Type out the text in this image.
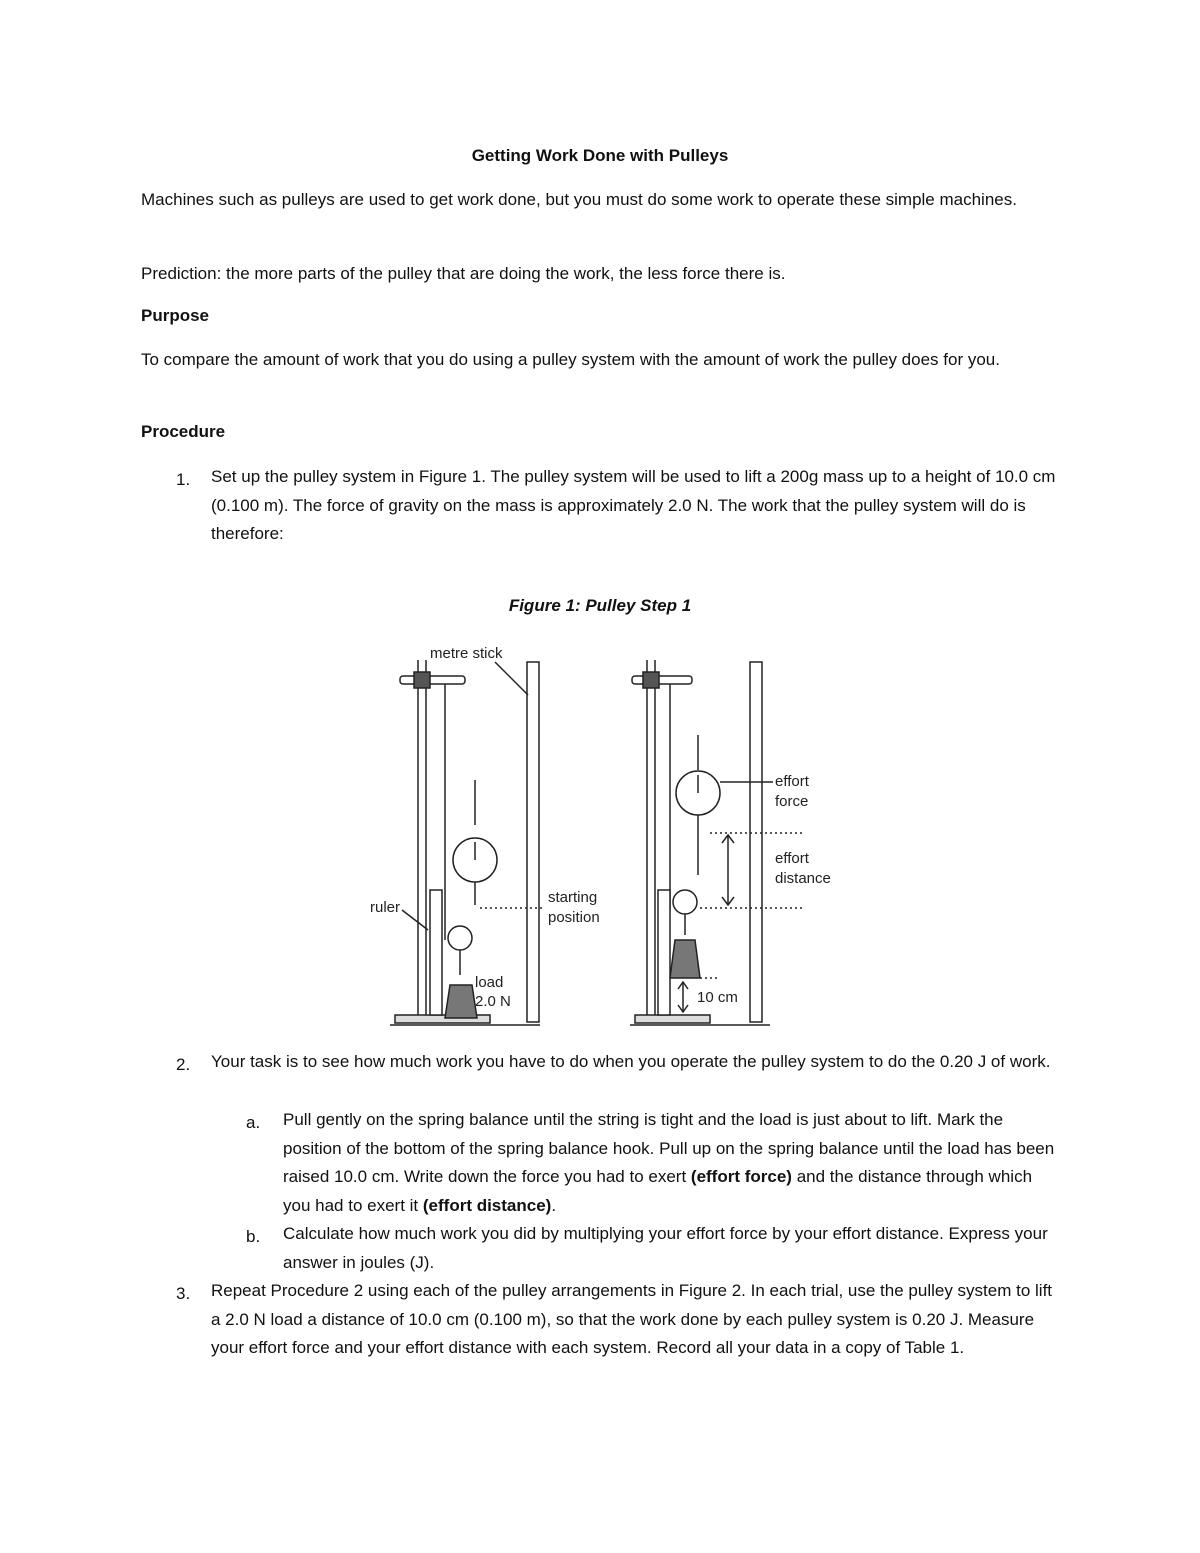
Getting Work Done with Pulleys

Machines such as pulleys are used to get work done, but you must do some work to operate these simple machines.

Prediction: the more parts of the pulley that are doing the work, the less force there is.

Purpose

To compare the amount of work that you do using a pulley system with the amount of work the pulley does for you.

Procedure
1. Set up the pulley system in Figure 1. The pulley system will be used to lift a 200g mass up to a height of 10.0 cm (0.100 m). The force of gravity on the mass is approximately 2.0 N. The work that the pulley system will do is therefore:

Figure 1: Pulley Step 1
metre stick
ruler
starting
position
load
2.0 N
effort
force
effort
distance
10 cm
2. Your task is to see how much work you have to do when you operate the pulley system to do the 0.20 J of work.

a. Pull gently on the spring balance until the string is tight and the load is just about to lift. Mark the position of the bottom of the spring balance hook. Pull up on the spring balance until the load has been raised 10.0 cm. Write down the force you had to exert (effort force) and the distance through which you had to exert it (effort distance).

b. Calculate how much work you did by multiplying your effort force by your effort distance. Express your answer in joules (J).

3. Repeat Procedure 2 using each of the pulley arrangements in Figure 2. In each trial, use the pulley system to lift a 2.0 N load a distance of 10.0 cm (0.100 m), so that the work done by each pulley system is 0.20 J. Measure your effort force and your effort distance with each system. Record all your data in a copy of Table 1.
